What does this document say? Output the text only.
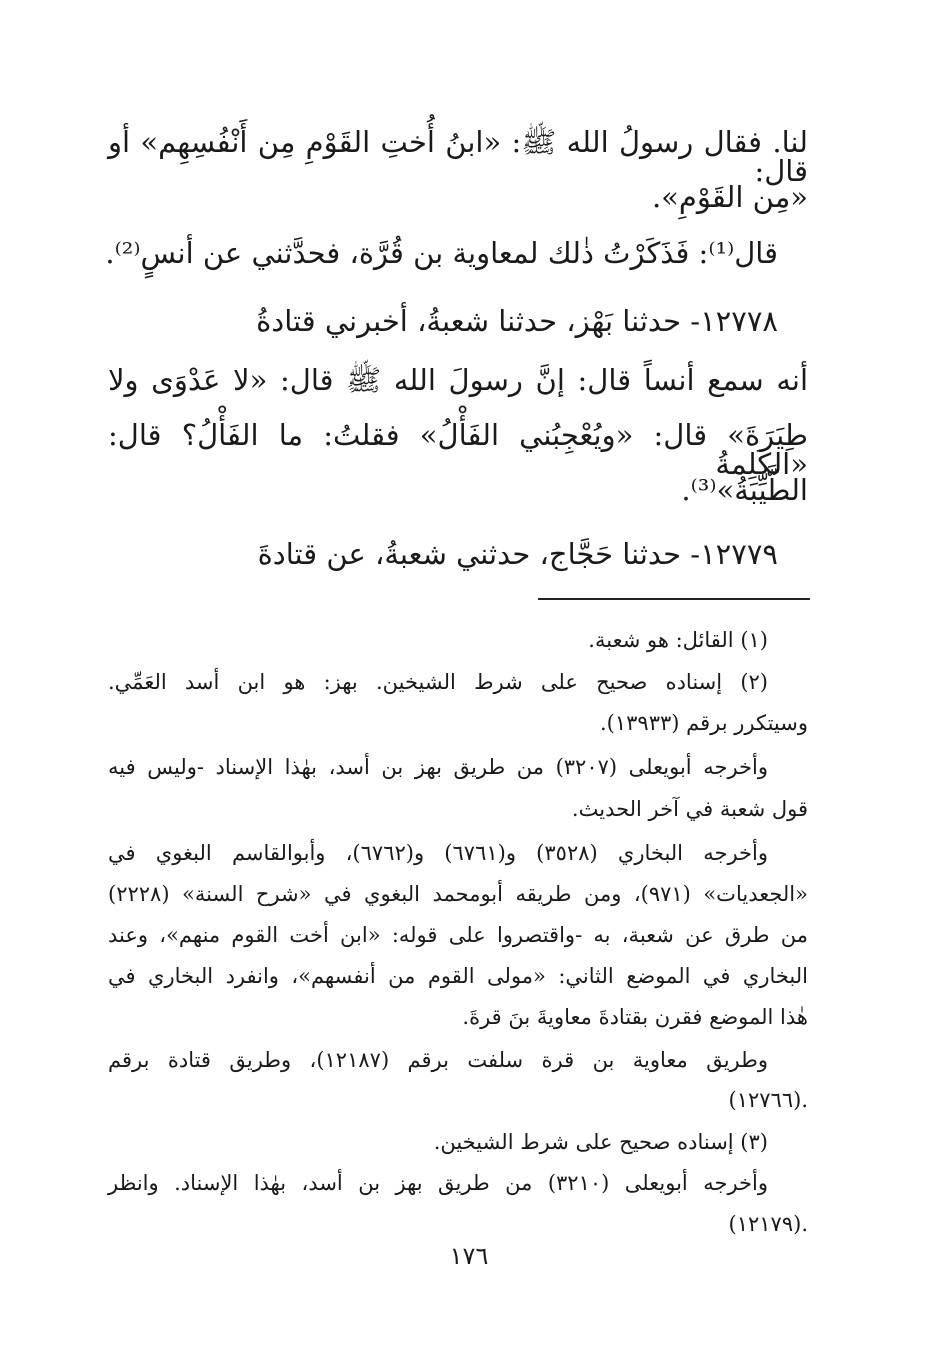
لنا. فقال رسولُ الله ﷺ: «ابنُ أُختِ القَوْمِ مِن أَنْفُسِهِم» أو قال:
«مِن القَوْمِ».
قال⁽¹⁾: فَذَكَرْتُ ذٰلك لمعاوية بن قُرَّة، فحدَّثني عن أنسٍ⁽²⁾.
١٢٧٧٨- حدثنا بَهْز، حدثنا شعبةُ، أخبرني قتادةُ
أنه سمع أنساً قال: إنَّ رسولَ الله ﷺ قال: «لا عَدْوَى ولا
طِيَرَةَ» قال: «ويُعْجِبُني الفَأْلُ» فقلتُ: ما الفَأْلُ؟ قال: «الكَلِمةُ
الطَّيِّبَةُ»⁽³⁾.
١٢٧٧٩- حدثنا حَجَّاج، حدثني شعبةُ، عن قتادةَ
(١) القائل: هو شعبة.
(٢) إسناده صحيح على شرط الشيخين. بهز: هو ابن أسد العَمِّي.
وسيتكرر برقم (١٣٩٣٣).
وأخرجه أبويعلى (٣٢٠٧) من طريق بهز بن أسد، بهٰذا الإسناد -وليس فيه
قول شعبة في آخر الحديث.
وأخرجه البخاري (٣٥٢٨) و(٦٧٦١) و(٦٧٦٢)، وأبوالقاسم البغوي في
«الجعديات» (٩٧١)، ومن طريقه أبومحمد البغوي في «شرح السنة» (٢٢٢٨)
من طرق عن شعبة، به -واقتصروا على قوله: «ابن أخت القوم منهم»، وعند
البخاري في الموضع الثاني: «مولى القوم من أنفسهم»، وانفرد البخاري في
هٰذا الموضع فقرن بقتادةَ معاويةَ بنَ قرةَ.
وطريق معاوية بن قرة سلفت برقم (١٢١٨٧)، وطريق قتادة برقم
(١٢٧٦٦).
(٣) إسناده صحيح على شرط الشيخين.
وأخرجه أبويعلى (٣٢١٠) من طريق بهز بن أسد، بهٰذا الإسناد. وانظر
(١٢١٧٩).
١٧٦
